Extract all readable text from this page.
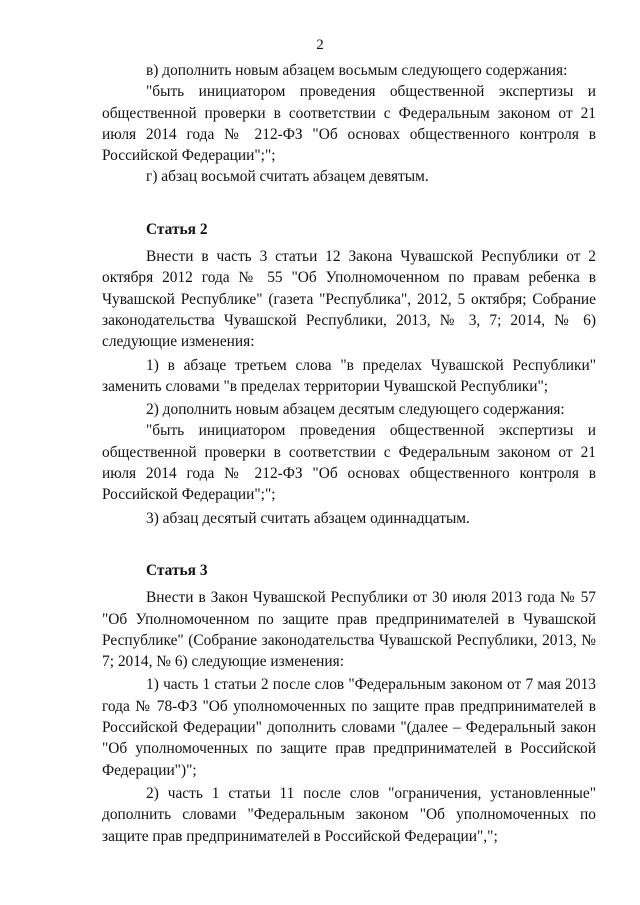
2

в) дополнить новым абзацем восьмым следующего содержания:

"быть инициатором проведения общественной экспертизы и общественной проверки в соответствии с Федеральным законом от 21 июля 2014 года № 212-ФЗ "Об основах общественного контроля в Российской Федерации";";

г) абзац восьмой считать абзацем девятым.

Статья 2

Внести в часть 3 статьи 12 Закона Чувашской Республики от 2 октября 2012 года № 55 "Об Уполномоченном по правам ребенка в Чувашской Республике" (газета "Республика", 2012, 5 октября; Собрание законодательства Чувашской Республики, 2013, № 3, 7; 2014, № 6) следующие изменения:

1) в абзаце третьем слова "в пределах Чувашской Республики" заменить словами "в пределах территории Чувашской Республики";

2) дополнить новым абзацем десятым следующего содержания:

"быть инициатором проведения общественной экспертизы и общественной проверки в соответствии с Федеральным законом от 21 июля 2014 года № 212-ФЗ "Об основах общественного контроля в Российской Федерации";";

3) абзац десятый считать абзацем одиннадцатым.

Статья 3

Внести в Закон Чувашской Республики от 30 июля 2013 года № 57 "Об Уполномоченном по защите прав предпринимателей в Чувашской Республике" (Собрание законодательства Чувашской Республики, 2013, № 7; 2014, № 6) следующие изменения:

1) часть 1 статьи 2 после слов "Федеральным законом от 7 мая 2013 года № 78-ФЗ "Об уполномоченных по защите прав предпринимателей в Российской Федерации" дополнить словами "(далее – Федеральный закон "Об уполномоченных по защите прав предпринимателей в Российской Федерации")";

2) часть 1 статьи 11 после слов "ограничения, установленные" дополнить словами "Федеральным законом "Об уполномоченных по защите прав предпринимателей в Российской Федерации",";
